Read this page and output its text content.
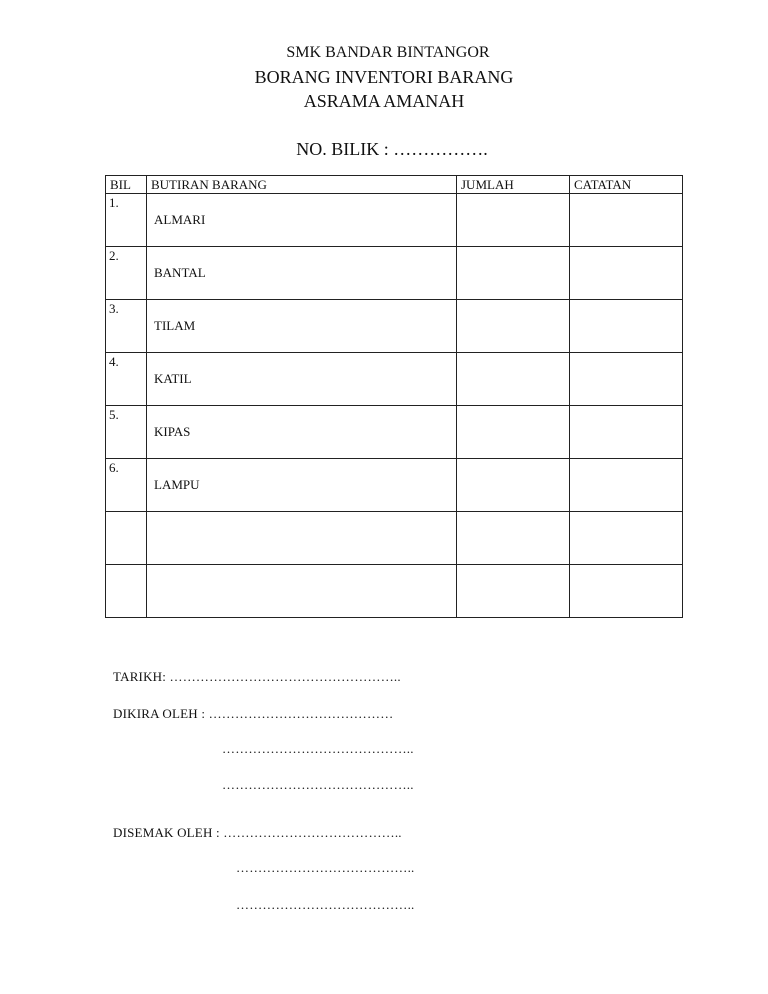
SMK BANDAR BINTANGOR
BORANG INVENTORI BARANG
ASRAMA AMANAH
NO. BILIK : …………….
BIL	BUTIRAN BARANG	JUMLAH	CATATAN

1.	ALMARI		

2.	BANTAL		

3.	TILAM		

4.	KATIL		

5.	KIPAS		

6.	LAMPU		

TARIKH: ……………………………………………..
DIKIRA OLEH : ……………………………………
……………………………………..
……………………………………..
DISEMAK OLEH : …………………………………..
…………………………………..
…………………………………..
